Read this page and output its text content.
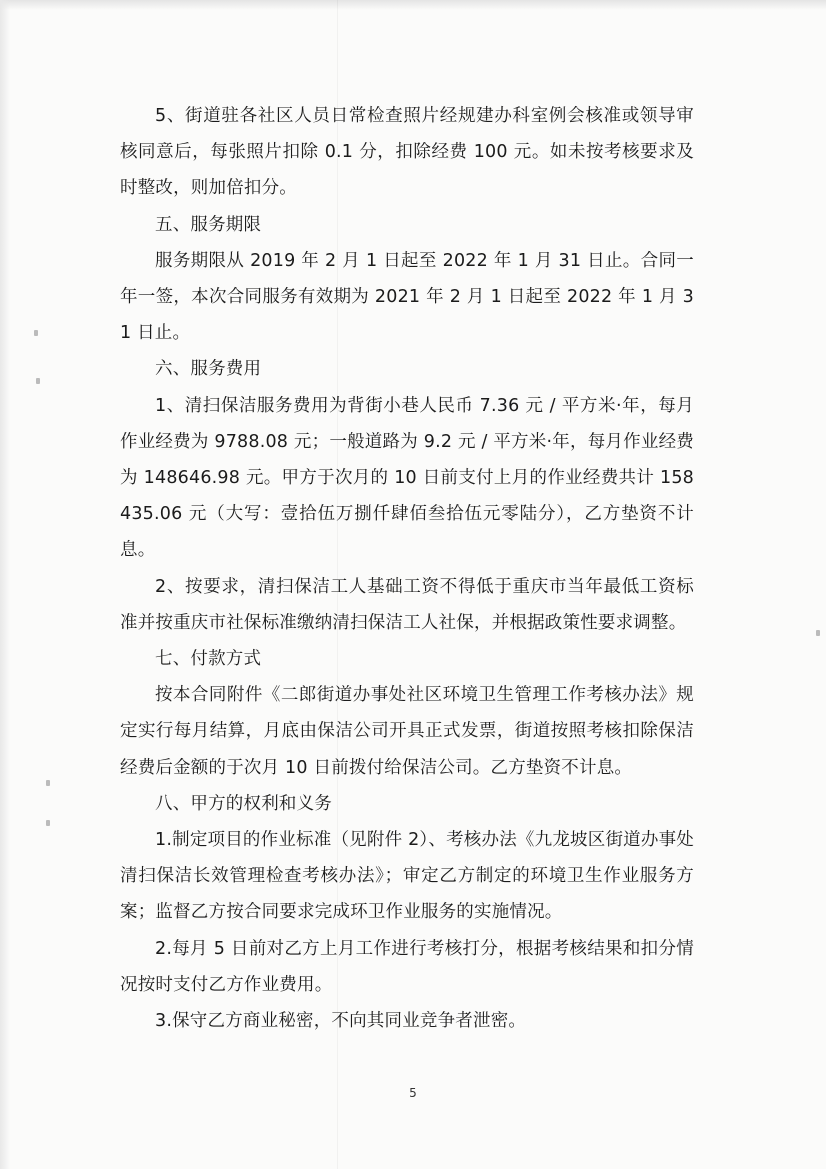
5、街道驻各社区人员日常检查照片经规建办科室例会核准或领导审核同意后，每张照片扣除 0.1 分，扣除经费 100 元。如未按考核要求及时整改，则加倍扣分。

五、服务期限

服务期限从 2019 年 2 月 1 日起至 2022 年 1 月 31 日止。合同一年一签，本次合同服务有效期为 2021 年 2 月 1 日起至 2022 年 1 月 31 日止。

六、服务费用

1、清扫保洁服务费用为背街小巷人民币 7.36 元 / 平方米·年，每月作业经费为 9788.08 元；一般道路为 9.2 元 / 平方米·年，每月作业经费为 148646.98 元。甲方于次月的 10 日前支付上月的作业经费共计 158435.06 元（大写：壹拾伍万捌仟肆佰叁拾伍元零陆分），乙方垫资不计息。

2、按要求，清扫保洁工人基础工资不得低于重庆市当年最低工资标准并按重庆市社保标准缴纳清扫保洁工人社保，并根据政策性要求调整。

七、付款方式

按本合同附件《二郎街道办事处社区环境卫生管理工作考核办法》规定实行每月结算，月底由保洁公司开具正式发票，街道按照考核扣除保洁经费后金额的于次月 10 日前拨付给保洁公司。乙方垫资不计息。

八、甲方的权利和义务

1.制定项目的作业标准（见附件 2）、考核办法《九龙坡区街道办事处清扫保洁长效管理检查考核办法》；审定乙方制定的环境卫生作业服务方案；监督乙方按合同要求完成环卫作业服务的实施情况。

2.每月 5 日前对乙方上月工作进行考核打分，根据考核结果和扣分情况按时支付乙方作业费用。

3.保守乙方商业秘密，不向其同业竞争者泄密。

5
